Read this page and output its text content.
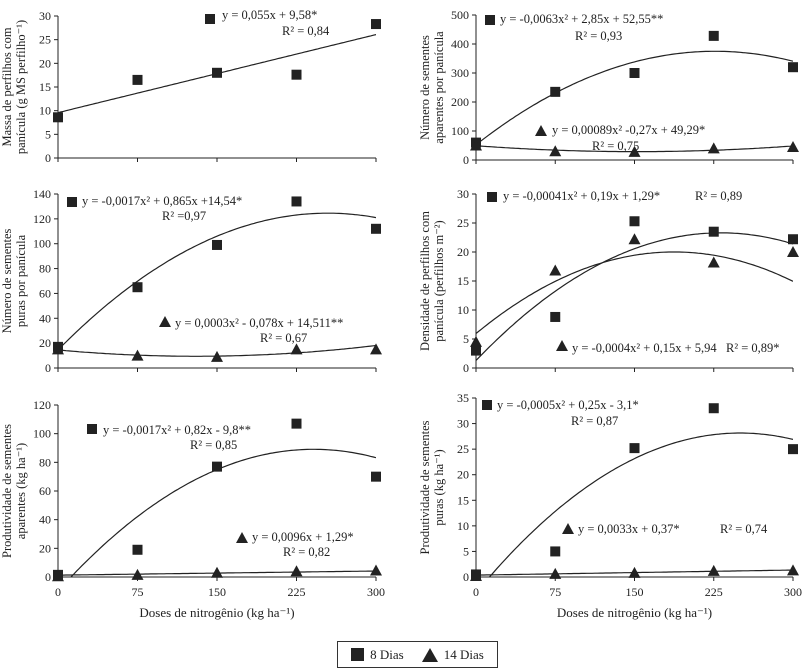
0
5
10
15
20
25
30
Massa de perfilhos companícula (g MS perfilho⁻¹)
y = 0,055x + 9,58*
R² = 0,84
0
100
200
300
400
500
Número de sementesaparentes por panícula
y = -0,0063x² + 2,85x + 52,55**
R² = 0,93
y = 0,00089x² -0,27x + 49,29*
R² = 0,75
0
20
40
60
80
100
120
140
Número de sementespuras por panícula
y = -0,0017x² + 0,865x +14,54*
R² =0,97
y = 0,0003x² - 0,078x + 14,511**
R² = 0,67
0
5
10
15
20
25
30
Densidade de perfilhos companícula (perfilhos m⁻²)
y = -0,00041x² + 0,19x + 1,29*	R² = 0,89
y = -0,0004x² + 0,15x + 5,94 R² = 0,89*
0
20
40
60
80
100
120
0	75	150	225	300
Produtividade de sementesaparentes (kg ha⁻¹)
Doses de nitrogênio (kg ha⁻¹)
y = -0,0017x² + 0,82x - 9,8**
R² = 0,85
y = 0,0096x + 1,29*
R² = 0,82
0
5
10
15
20
25
30
35
0	75	150	225	300
Produtividade de sementespuras (kg ha⁻¹)
Doses de nitrogênio (kg ha⁻¹)
y = -0,0005x² + 0,25x - 3,1*
R² = 0,87
y = 0,0033x + 0,37*	R² = 0,74
8 Dias	14 Dias
